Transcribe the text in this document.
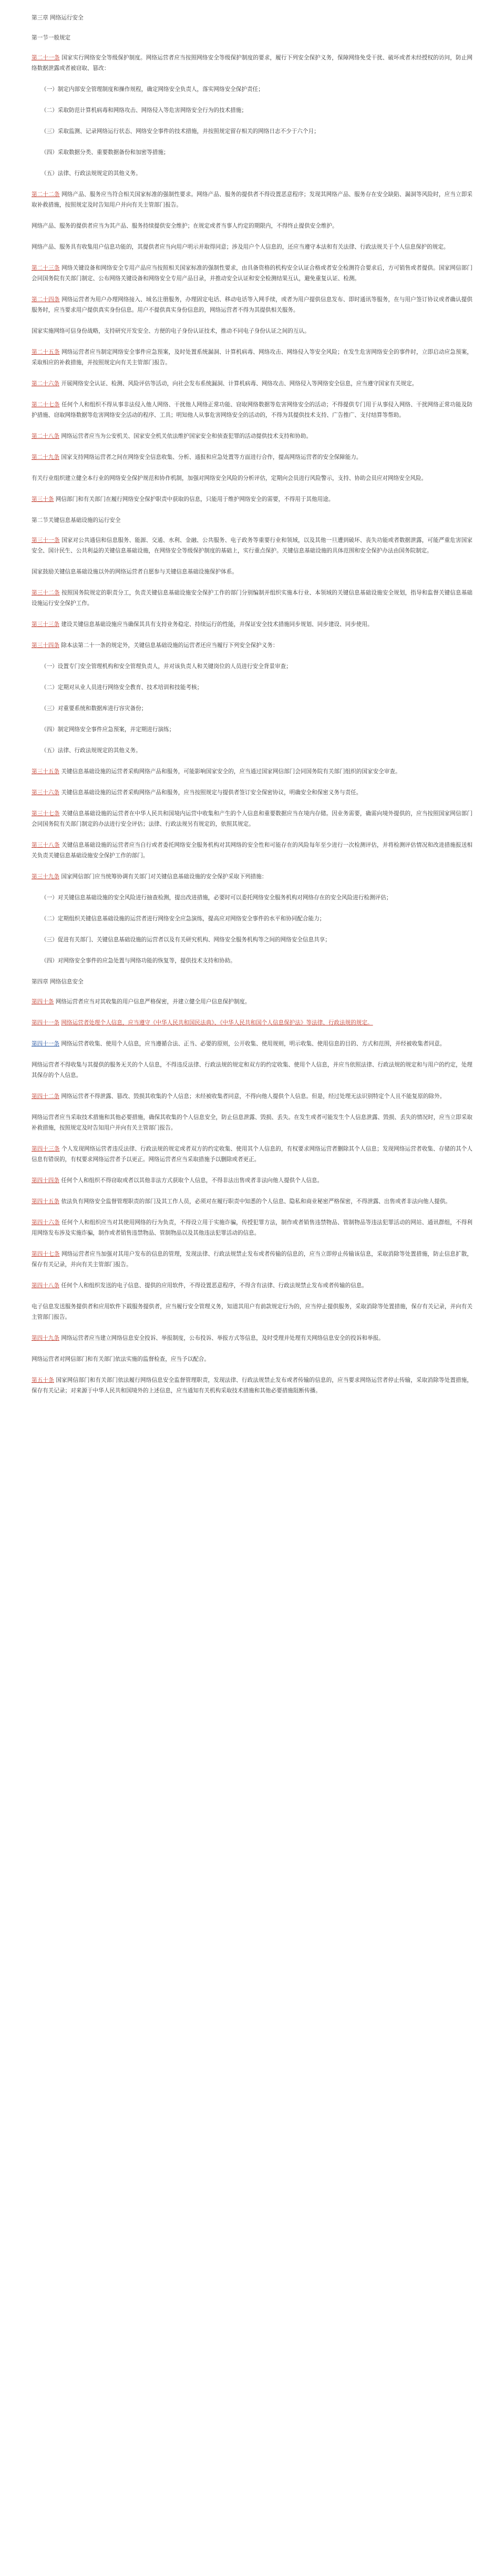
第三章 网络运行安全
第一节一般规定
第二十一条 国家实行网络安全等级保护制度。网络运营者应当按照网络安全等级保护制度的要求，履行下列安全保护义务，保障网络免受干扰、破坏或者未经授权的访问，防止网络数据泄露或者被窃取、篡改：
（一）制定内部安全管理制度和操作规程，确定网络安全负责人，落实网络安全保护责任；
（二）采取防范计算机病毒和网络攻击、网络侵入等危害网络安全行为的技术措施；
（三）采取监测、记录网络运行状态、网络安全事件的技术措施，并按照规定留存相关的网络日志不少于六个月；
（四）采取数据分类、重要数据备份和加密等措施；
（五）法律、行政法规规定的其他义务。
第二十二条 网络产品、服务应当符合相关国家标准的强制性要求。网络产品、服务的提供者不得设置恶意程序；发现其网络产品、服务存在安全缺陷、漏洞等风险时，应当立即采取补救措施，按照规定及时告知用户并向有关主管部门报告。
网络产品、服务的提供者应当为其产品、服务持续提供安全维护；在规定或者当事人约定的期限内，不得终止提供安全维护。
网络产品、服务具有收集用户信息功能的，其提供者应当向用户明示并取得同意；涉及用户个人信息的，还应当遵守本法和有关法律、行政法规关于个人信息保护的规定。
第二十三条 网络关键设备和网络安全专用产品应当按照相关国家标准的强制性要求，由具备资格的机构安全认证合格或者安全检测符合要求后，方可销售或者提供。国家网信部门会同国务院有关部门制定、公布网络关键设备和网络安全专用产品目录，并推动安全认证和安全检测结果互认，避免重复认证、检测。
第二十四条 网络运营者为用户办理网络接入、域名注册服务，办理固定电话、移动电话等入网手续，或者为用户提供信息发布、即时通讯等服务，在与用户签订协议或者确认提供服务时，应当要求用户提供真实身份信息。用户不提供真实身份信息的，网络运营者不得为其提供相关服务。
国家实施网络可信身份战略，支持研究开发安全、方便的电子身份认证技术，推动不同电子身份认证之间的互认。
第二十五条 网络运营者应当制定网络安全事件应急预案，及时处置系统漏洞、计算机病毒、网络攻击、网络侵入等安全风险；在发生危害网络安全的事件时，立即启动应急预案，采取相应的补救措施，并按照规定向有关主管部门报告。
第二十六条 开展网络安全认证、检测、风险评估等活动，向社会发布系统漏洞、计算机病毒、网络攻击、网络侵入等网络安全信息，应当遵守国家有关规定。
第二十七条 任何个人和组织不得从事非法侵入他人网络、干扰他人网络正常功能、窃取网络数据等危害网络安全的活动；不得提供专门用于从事侵入网络、干扰网络正常功能及防护措施、窃取网络数据等危害网络安全活动的程序、工具；明知他人从事危害网络安全的活动的，不得为其提供技术支持、广告推广、支付结算等帮助。
第二十八条 网络运营者应当为公安机关、国家安全机关依法维护国家安全和侦查犯罪的活动提供技术支持和协助。
第二十九条 国家支持网络运营者之间在网络安全信息收集、分析、通报和应急处置等方面进行合作，提高网络运营者的安全保障能力。
有关行业组织建立健全本行业的网络安全保护规范和协作机制，加强对网络安全风险的分析评估，定期向会员进行风险警示，支持、协助会员应对网络安全风险。
第三十条 网信部门和有关部门在履行网络安全保护职责中获取的信息，只能用于维护网络安全的需要，不得用于其他用途。
第二节关键信息基础设施的运行安全
第三十一条 国家对公共通信和信息服务、能源、交通、水利、金融、公共服务、电子政务等重要行业和领域，以及其他一旦遭到破坏、丧失功能或者数据泄露，可能严重危害国家安全、国计民生、公共利益的关键信息基础设施，在网络安全等级保护制度的基础上，实行重点保护。关键信息基础设施的具体范围和安全保护办法由国务院制定。
国家鼓励关键信息基础设施以外的网络运营者自愿参与关键信息基础设施保护体系。
第三十二条 按照国务院规定的职责分工，负责关键信息基础设施安全保护工作的部门分别编制并组织实施本行业、本领域的关键信息基础设施安全规划，指导和监督关键信息基础设施运行安全保护工作。
第三十三条 建设关键信息基础设施应当确保其具有支持业务稳定、持续运行的性能，并保证安全技术措施同步规划、同步建设、同步使用。
第三十四条 除本法第二十一条的规定外，关键信息基础设施的运营者还应当履行下列安全保护义务：
（一）设置专门安全管理机构和安全管理负责人，并对该负责人和关键岗位的人员进行安全背景审查；
（二）定期对从业人员进行网络安全教育、技术培训和技能考核；
（三）对重要系统和数据库进行容灾备份；
（四）制定网络安全事件应急预案，并定期进行演练；
（五）法律、行政法规规定的其他义务。
第三十五条 关键信息基础设施的运营者采购网络产品和服务，可能影响国家安全的，应当通过国家网信部门会同国务院有关部门组织的国家安全审查。
第三十六条 关键信息基础设施的运营者采购网络产品和服务，应当按照规定与提供者签订安全保密协议，明确安全和保密义务与责任。
第三十七条 关键信息基础设施的运营者在中华人民共和国境内运营中收集和产生的个人信息和重要数据应当在境内存储。因业务需要，确需向境外提供的，应当按照国家网信部门会同国务院有关部门制定的办法进行安全评估；法律、行政法规另有规定的，依照其规定。
第三十八条 关键信息基础设施的运营者应当自行或者委托网络安全服务机构对其网络的安全性和可能存在的风险每年至少进行一次检测评估，并将检测评估情况和改进措施报送相关负责关键信息基础设施安全保护工作的部门。
第三十九条 国家网信部门应当统筹协调有关部门对关键信息基础设施的安全保护采取下列措施：
（一）对关键信息基础设施的安全风险进行抽查检测，提出改进措施，必要时可以委托网络安全服务机构对网络存在的安全风险进行检测评估；
（二）定期组织关键信息基础设施的运营者进行网络安全应急演练，提高应对网络安全事件的水平和协同配合能力；
（三）促进有关部门、关键信息基础设施的运营者以及有关研究机构、网络安全服务机构等之间的网络安全信息共享；
（四）对网络安全事件的应急处置与网络功能的恢复等，提供技术支持和协助。
第四章 网络信息安全
第四十条 网络运营者应当对其收集的用户信息严格保密，并建立健全用户信息保护制度。
第四十一条 网络运营者处理个人信息，应当遵守《中华人民共和国民法典》、《中华人民共和国个人信息保护法》等法律、行政法规的规定。
第四十一条 网络运营者收集、使用个人信息，应当遵循合法、正当、必要的原则，公开收集、使用规则，明示收集、使用信息的目的、方式和范围，并经被收集者同意。
网络运营者不得收集与其提供的服务无关的个人信息，不得违反法律、行政法规的规定和双方的约定收集、使用个人信息，并应当依照法律、行政法规的规定和与用户的约定，处理其保存的个人信息。
第四十二条 网络运营者不得泄露、篡改、毁损其收集的个人信息；未经被收集者同意，不得向他人提供个人信息。但是，经过处理无法识别特定个人且不能复原的除外。
网络运营者应当采取技术措施和其他必要措施，确保其收集的个人信息安全，防止信息泄露、毁损、丢失。在发生或者可能发生个人信息泄露、毁损、丢失的情况时，应当立即采取补救措施，按照规定及时告知用户并向有关主管部门报告。
第四十三条 个人发现网络运营者违反法律、行政法规的规定或者双方的约定收集、使用其个人信息的，有权要求网络运营者删除其个人信息；发现网络运营者收集、存储的其个人信息有错误的，有权要求网络运营者予以更正。网络运营者应当采取措施予以删除或者更正。
第四十四条 任何个人和组织不得窃取或者以其他非法方式获取个人信息，不得非法出售或者非法向他人提供个人信息。
第四十五条 依法负有网络安全监督管理职责的部门及其工作人员，必须对在履行职责中知悉的个人信息、隐私和商业秘密严格保密，不得泄露、出售或者非法向他人提供。
第四十六条 任何个人和组织应当对其使用网络的行为负责，不得设立用于实施诈骗，传授犯罪方法，制作或者销售违禁物品、管制物品等违法犯罪活动的网站、通讯群组，不得利用网络发布涉及实施诈骗，制作或者销售违禁物品、管制物品以及其他违法犯罪活动的信息。
第四十七条 网络运营者应当加强对其用户发布的信息的管理，发现法律、行政法规禁止发布或者传输的信息的，应当立即停止传输该信息，采取消除等处置措施，防止信息扩散，保存有关记录，并向有关主管部门报告。
第四十八条 任何个人和组织发送的电子信息、提供的应用软件，不得设置恶意程序，不得含有法律、行政法规禁止发布或者传输的信息。
电子信息发送服务提供者和应用软件下载服务提供者，应当履行安全管理义务，知道其用户有前款规定行为的，应当停止提供服务，采取消除等处置措施，保存有关记录，并向有关主管部门报告。
第四十九条 网络运营者应当建立网络信息安全投诉、举报制度，公布投诉、举报方式等信息，及时受理并处理有关网络信息安全的投诉和举报。
网络运营者对网信部门和有关部门依法实施的监督检查，应当予以配合。
第五十条 国家网信部门和有关部门依法履行网络信息安全监督管理职责，发现法律、行政法规禁止发布或者传输的信息的，应当要求网络运营者停止传输，采取消除等处置措施，保存有关记录；对来源于中华人民共和国境外的上述信息，应当通知有关机构采取技术措施和其他必要措施阻断传播。
